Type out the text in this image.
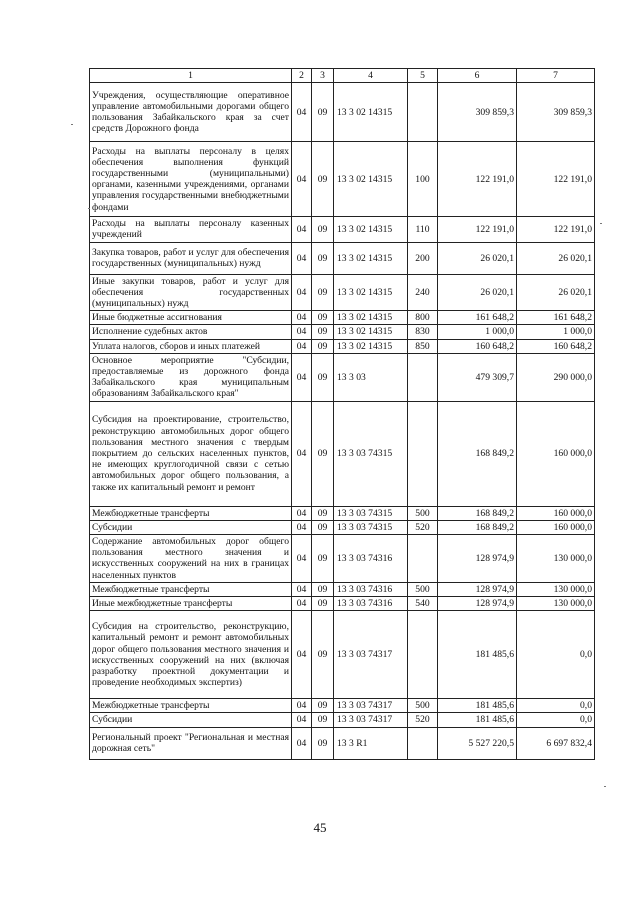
1	2	3	4	5	6	7
Учреждения, осуществляющие оперативное управление автомобильными дорогами общего пользования Забайкальского края за счет средств Дорожного фонда	04	09	13 3 02 14315		309 859,3	309 859,3
Расходы на выплаты персоналу в целях обеспечения выполнения функций государственными (муниципальными) органами, казенными учреждениями, органами управления государственными внебюджетными фондами	04	09	13 3 02 14315	100	122 191,0	122 191,0
Расходы на выплаты персоналу казенных учреждений	04	09	13 3 02 14315	110	122 191,0	122 191,0
Закупка товаров, работ и услуг для обеспечения государственных (муниципальных) нужд	04	09	13 3 02 14315	200	26 020,1	26 020,1
Иные закупки товаров, работ и услуг для обеспечения государственных (муниципальных) нужд	04	09	13 3 02 14315	240	26 020,1	26 020,1
Иные бюджетные ассигнования	04	09	13 3 02 14315	800	161 648,2	161 648,2
Исполнение судебных актов	04	09	13 3 02 14315	830	1 000,0	1 000,0
Уплата налогов, сборов и иных платежей	04	09	13 3 02 14315	850	160 648,2	160 648,2
Основное мероприятие "Субсидии, предоставляемые из дорожного фонда Забайкальского края муниципальным образованиям Забайкальского края"	04	09	13 3 03		479 309,7	290 000,0
Субсидия на проектирование, строительство, реконструкцию автомобильных дорог общего пользования местного значения с твердым покрытием до сельских населенных пунктов, не имеющих круглогодичной связи с сетью автомобильных дорог общего пользования, а также их капитальный ремонт и ремонт	04	09	13 3 03 74315		168 849,2	160 000,0
Межбюджетные трансферты	04	09	13 3 03 74315	500	168 849,2	160 000,0
Субсидии	04	09	13 3 03 74315	520	168 849,2	160 000,0
Содержание автомобильных дорог общего пользования местного значения и искусственных сооружений на них в границах населенных пунктов	04	09	13 3 03 74316		128 974,9	130 000,0
Межбюджетные трансферты	04	09	13 3 03 74316	500	128 974,9	130 000,0
Иные межбюджетные трансферты	04	09	13 3 03 74316	540	128 974,9	130 000,0
Субсидия на строительство, реконструкцию, капитальный ремонт и ремонт автомобильных дорог общего пользования местного значения и искусственных сооружений на них (включая разработку проектной документации и проведение необходимых экспертиз)	04	09	13 3 03 74317		181 485,6	0,0
Межбюджетные трансферты	04	09	13 3 03 74317	500	181 485,6	0,0
Субсидии	04	09	13 3 03 74317	520	181 485,6	0,0
Региональный проект "Региональная и местная дорожная сеть"	04	09	13 3 R1		5 527 220,5	6 697 832,4
45
